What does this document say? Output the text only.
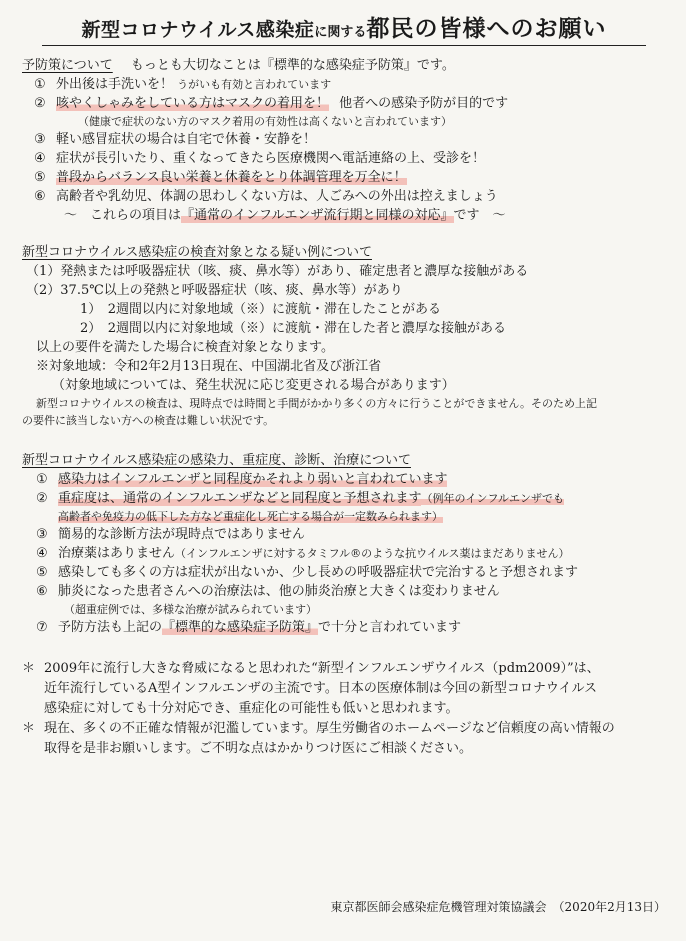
新型コロナウイルス感染症に関する都民の皆様へのお願い
予防策について もっとも大切なことは『標準的な感染症予防策』です。
① 外出後は手洗いを！ うがいも有効と言われています
② 咳やくしゃみをしている方はマスクの着用を！ 他者への感染予防が目的です
（健康で症状のない方のマスク着用の有効性は高くないと言われています）
③ 軽い感冒症状の場合は自宅で休養・安静を！
④ 症状が長引いたり、重くなってきたら医療機関へ電話連絡の上、受診を！
⑤ 普段からバランス良い栄養と休養をとり体調管理を万全に！
⑥ 高齢者や乳幼児、体調の思わしくない方は、人ごみへの外出は控えましょう
～　これらの項目は『通常のインフルエンザ流行期と同様の対応』です　～
新型コロナウイルス感染症の検査対象となる疑い例について
（1）発熱または呼吸器症状（咳、痰、鼻水等）があり、確定患者と濃厚な接触がある
（2）37.5℃以上の発熱と呼吸器症状（咳、痰、鼻水等）があり
1）　2週間以内に対象地域（※）に渡航・滞在したことがある
2）　2週間以内に対象地域（※）に渡航・滞在した者と濃厚な接触がある
以上の要件を満たした場合に検査対象となります。
※対象地域：令和2年2月13日現在、中国湖北省及び浙江省
（対象地域については、発生状況に応じ変更される場合があります）
新型コロナウイルスの検査は、現時点では時間と手間がかかり多くの方々に行うことができません。そのため上記
の要件に該当しない方への検査は難しい状況です。
新型コロナウイルス感染症の感染力、重症度、診断、治療について
① 感染力はインフルエンザと同程度かそれより弱いと言われています
② 重症度は、通常のインフルエンザなどと同程度と予想されます（例年のインフルエンザでも
高齢者や免疫力の低下した方など重症化し死亡する場合が一定数みられます）
③ 簡易的な診断方法が現時点ではありません
④ 治療薬はありません（インフルエンザに対するタミフル®のような抗ウイルス薬はまだありません）
⑤ 感染しても多くの方は症状が出ないか、少し長めの呼吸器症状で完治すると予想されます
⑥ 肺炎になった患者さんへの治療法は、他の肺炎治療と大きくは変わりません
（超重症例では、多様な治療が試みられています）
⑦ 予防方法も上記の『標準的な感染症予防策』で十分と言われています
＊ 2009年に流行し大きな脅威になると思われた“新型インフルエンザウイルス（pdm2009）”は、
近年流行しているA型インフルエンザの主流です。日本の医療体制は今回の新型コロナウイルス
感染症に対しても十分対応でき、重症化の可能性も低いと思われます。
＊ 現在、多くの不正確な情報が氾濫しています。厚生労働省のホームページなど信頼度の高い情報の
取得を是非お願いします。ご不明な点はかかりつけ医にご相談ください。
東京都医師会感染症危機管理対策協議会　（2020年2月13日）
